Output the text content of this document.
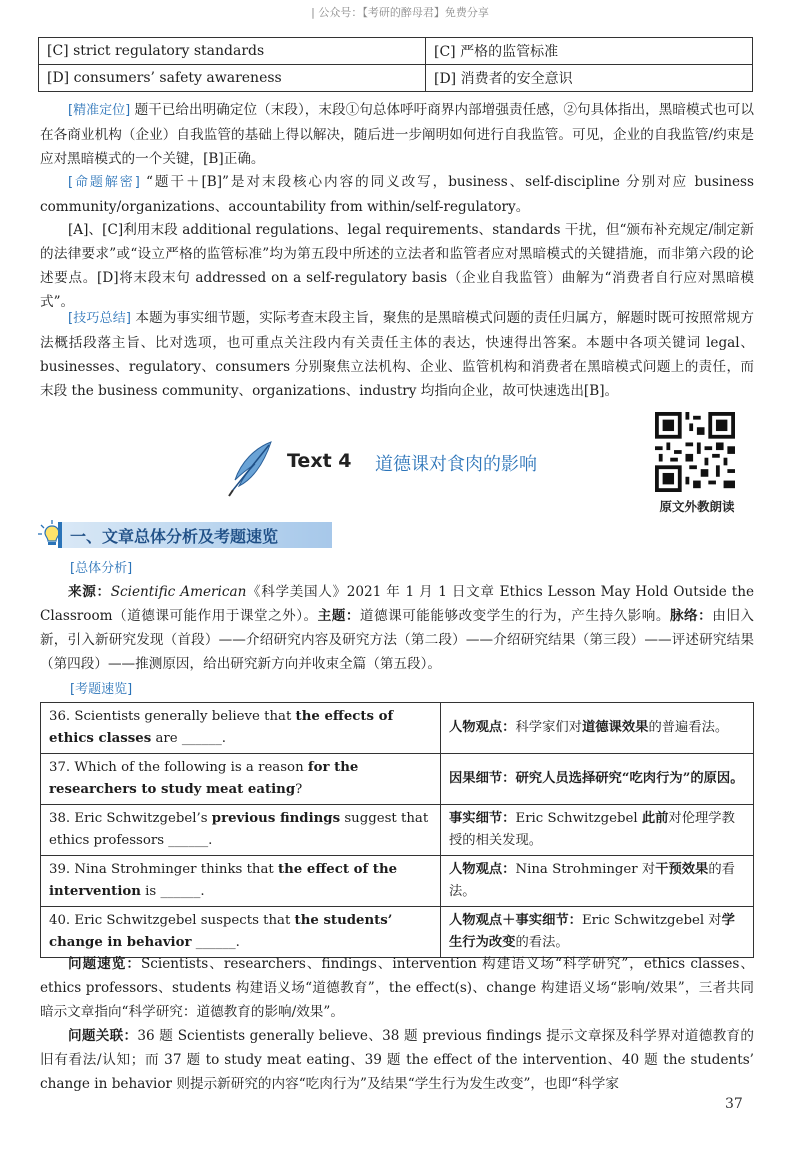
| 公众号：【考研的醉母君】免费分享
[C] strict regulatory standards	[C] 严格的监管标准
[D] consumers’ safety awareness	[D] 消费者的安全意识

[精准定位] 题干已给出明确定位（末段），末段①句总体呼吁商界内部增强责任感，②句具体指出，黑暗模式也可以在各商业机构（企业）自我监管的基础上得以解决，随后进一步阐明如何进行自我监管。可见，企业的自我监管/约束是应对黑暗模式的一个关键，[B]正确。

[命题解密] “题干＋[B]”是对末段核心内容的同义改写，business、self-discipline 分别对应 business community/organizations、accountability from within/self-regulatory。

[A]、[C]利用末段 additional regulations、legal requirements、standards 干扰，但“颁布补充规定/制定新的法律要求”或“设立严格的监管标准”均为第五段中所述的立法者和监管者应对黑暗模式的关键措施，而非第六段的论述要点。[D]将末段末句 addressed on a self-regulatory basis（企业自我监管）曲解为“消费者自行应对黑暗模式”。

[技巧总结] 本题为事实细节题，实际考查末段主旨，聚焦的是黑暗模式问题的责任归属方，解题时既可按照常规方法概括段落主旨、比对选项，也可重点关注段内有关责任主体的表达，快速得出答案。本题中各项关键词 legal、businesses、regulatory、consumers 分别聚焦立法机构、企业、监管机构和消费者在黑暗模式问题上的责任，而末段 the business community、organizations、industry 均指向企业，故可快速选出[B]。

Text 4 道德课对食肉的影响
原文外教朗读
一、文章总体分析及考题速览
[总体分析]

来源：Scientific American《科学美国人》2021 年 1 月 1 日文章 Ethics Lesson May Hold Outside the Classroom（道德课可能作用于课堂之外）。主题：道德课可能能够改变学生的行为，产生持久影响。脉络：由旧入新，引入新研究发现（首段）——介绍研究内容及研究方法（第二段）——介绍研究结果（第三段）——评述研究结果（第四段）——推测原因，给出研究新方向并收束全篇（第五段）。

[考题速览]
36. Scientists generally believe that the effects of ethics classes are ______.	人物观点：科学家们对道德课效果的普遍看法。
37. Which of the following is a reason for the researchers to study meat eating?	因果细节：研究人员选择研究“吃肉行为”的原因。
38. Eric Schwitzgebel’s previous findings suggest that ethics professors ______.	事实细节：Eric Schwitzgebel 此前对伦理学教授的相关发现。
39. Nina Strohminger thinks that the effect of the intervention is ______.	人物观点：Nina Strohminger 对干预效果的看法。
40. Eric Schwitzgebel suspects that the students’ change in behavior ______.	人物观点＋事实细节：Eric Schwitzgebel 对学生行为改变的看法。

问题速览：Scientists、researchers、findings、intervention 构建语义场“科学研究”，ethics classes、ethics professors、students 构建语义场“道德教育”，the effect(s)、change 构建语义场“影响/效果”，三者共同暗示文章指向“科学研究：道德教育的影响/效果”。

问题关联：36 题 Scientists generally believe、38 题 previous findings 提示文章探及科学界对道德教育的旧有看法/认知；而 37 题 to study meat eating、39 题 the effect of the intervention、40 题 the students’ change in behavior 则提示新研究的内容“吃肉行为”及结果“学生行为发生改变”，也即“科学家

37
